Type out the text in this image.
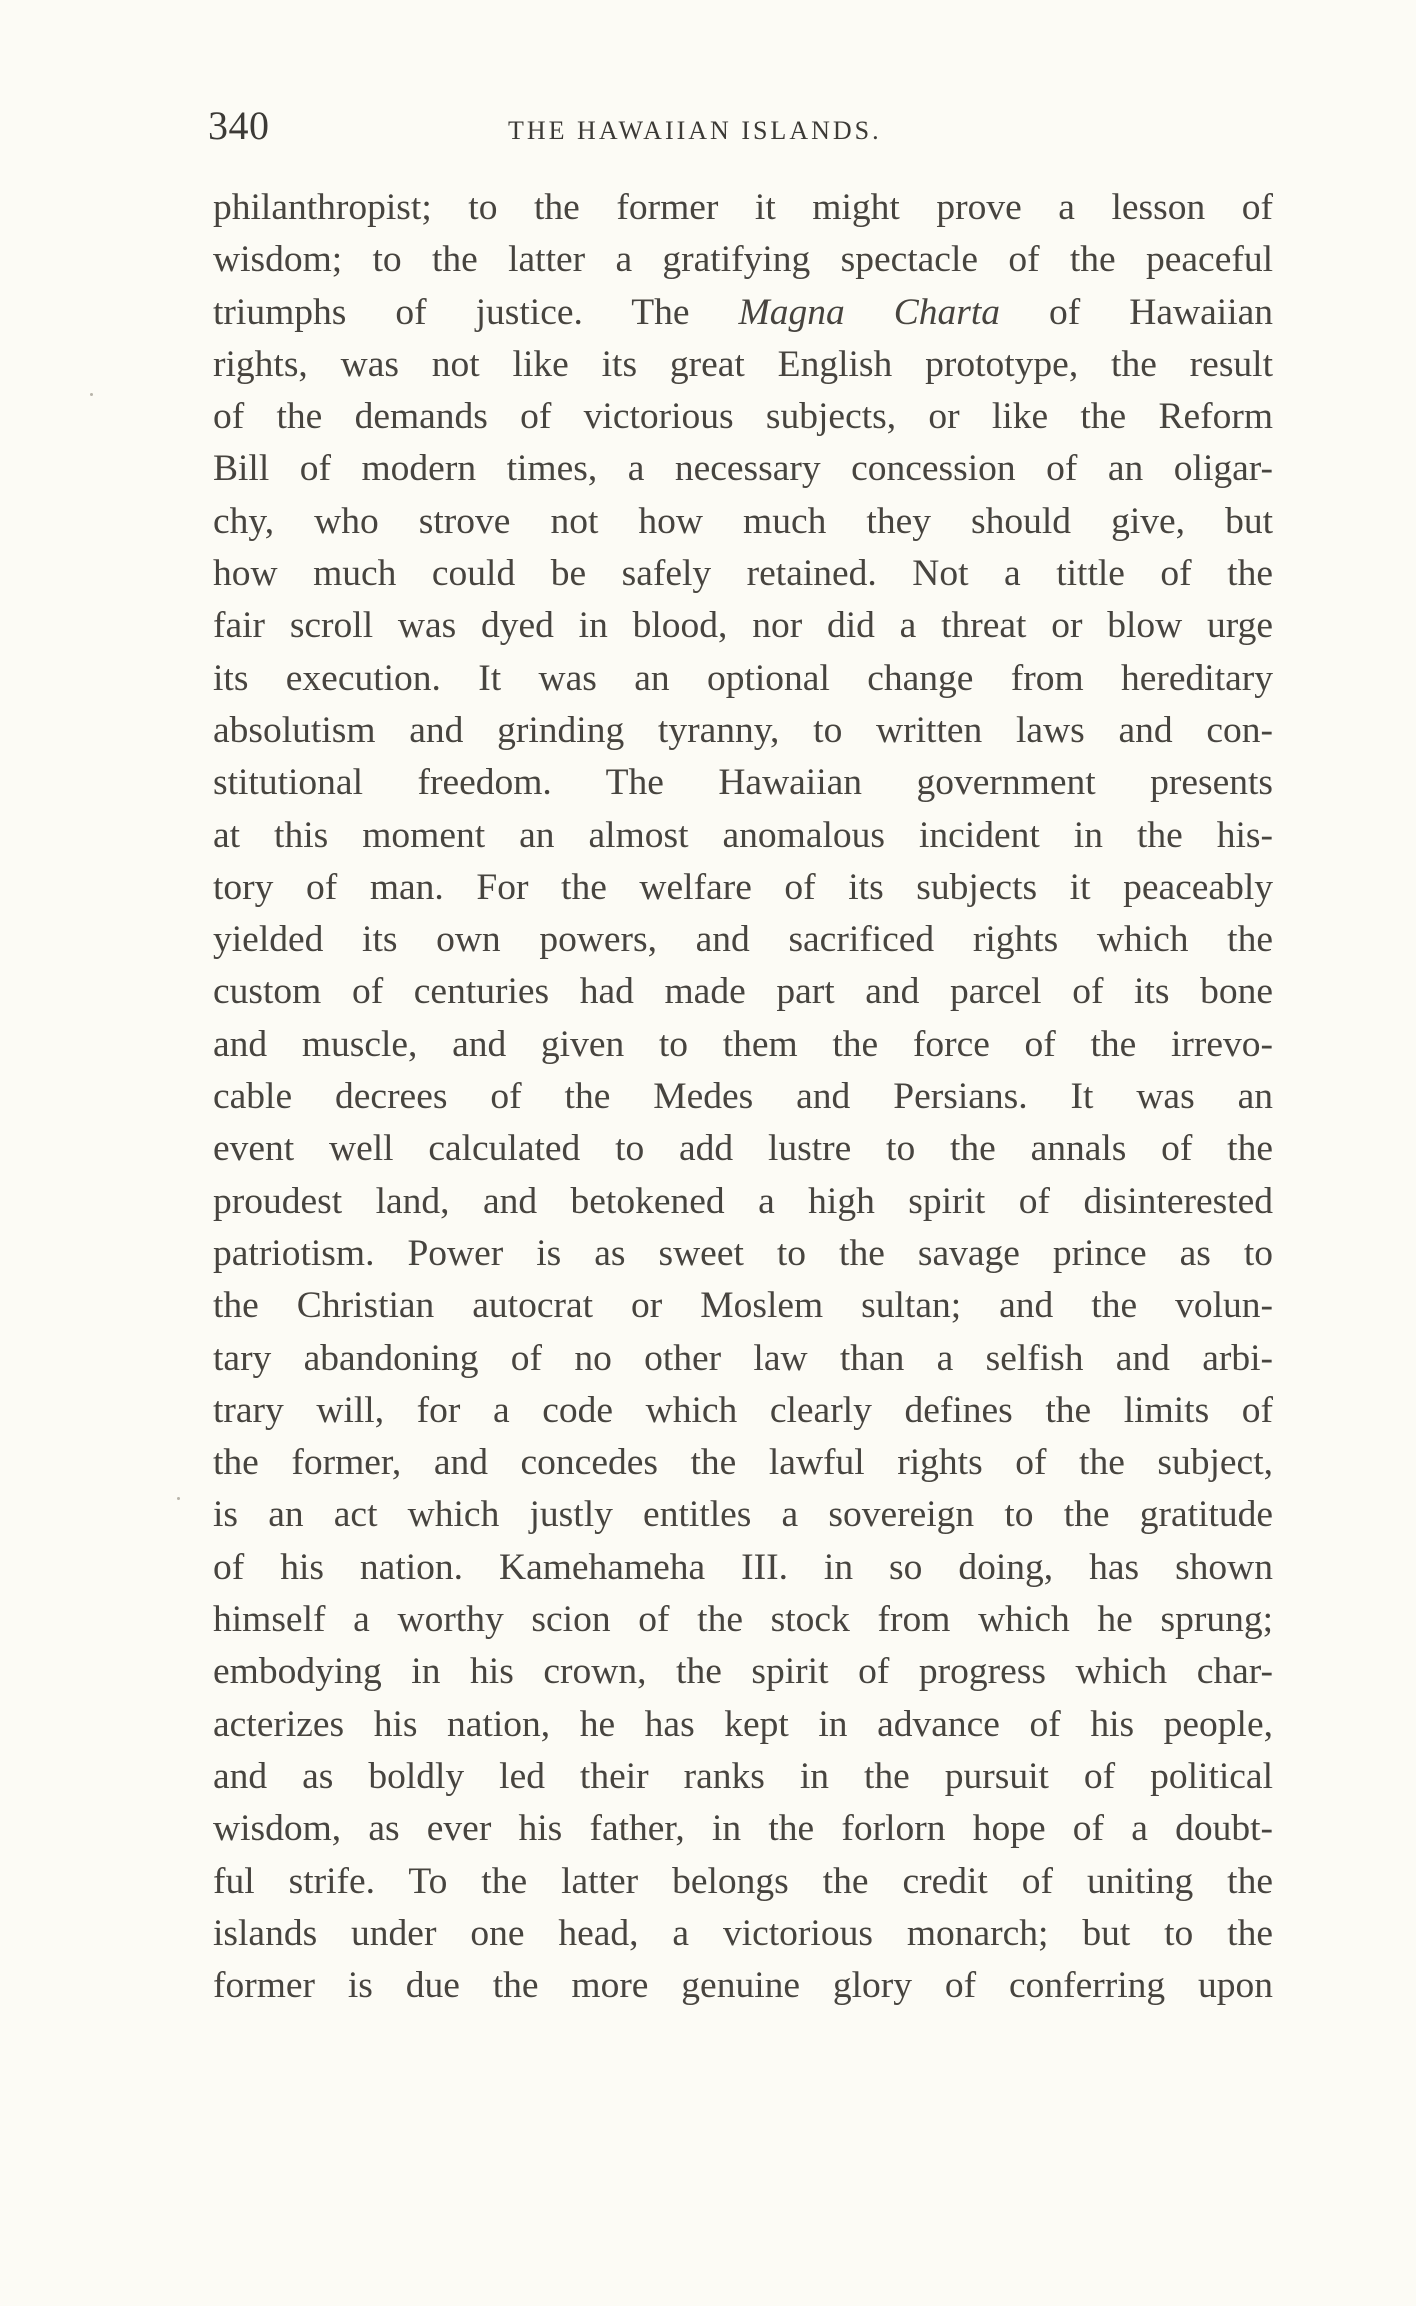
340	THE HAWAIIAN ISLANDS.
philanthropist; to the former it might prove a lesson of
wisdom; to the latter a gratifying spectacle of the peaceful
triumphs of justice. The Magna Charta of Hawaiian
rights, was not like its great English prototype, the result
of the demands of victorious subjects, or like the Reform
Bill of modern times, a necessary concession of an oligar-
chy, who strove not how much they should give, but
how much could be safely retained. Not a tittle of the
fair scroll was dyed in blood, nor did a threat or blow urge
its execution. It was an optional change from hereditary
absolutism and grinding tyranny, to written laws and con-
stitutional freedom. The Hawaiian government presents
at this moment an almost anomalous incident in the his-
tory of man. For the welfare of its subjects it peaceably
yielded its own powers, and sacrificed rights which the
custom of centuries had made part and parcel of its bone
and muscle, and given to them the force of the irrevo-
cable decrees of the Medes and Persians. It was an
event well calculated to add lustre to the annals of the
proudest land, and betokened a high spirit of disinterested
patriotism. Power is as sweet to the savage prince as to
the Christian autocrat or Moslem sultan; and the volun-
tary abandoning of no other law than a selfish and arbi-
trary will, for a code which clearly defines the limits of
the former, and concedes the lawful rights of the subject,
is an act which justly entitles a sovereign to the gratitude
of his nation. Kamehameha III. in so doing, has shown
himself a worthy scion of the stock from which he sprung;
embodying in his crown, the spirit of progress which char-
acterizes his nation, he has kept in advance of his people,
and as boldly led their ranks in the pursuit of political
wisdom, as ever his father, in the forlorn hope of a doubt-
ful strife. To the latter belongs the credit of uniting the
islands under one head, a victorious monarch; but to the
former is due the more genuine glory of conferring upon
